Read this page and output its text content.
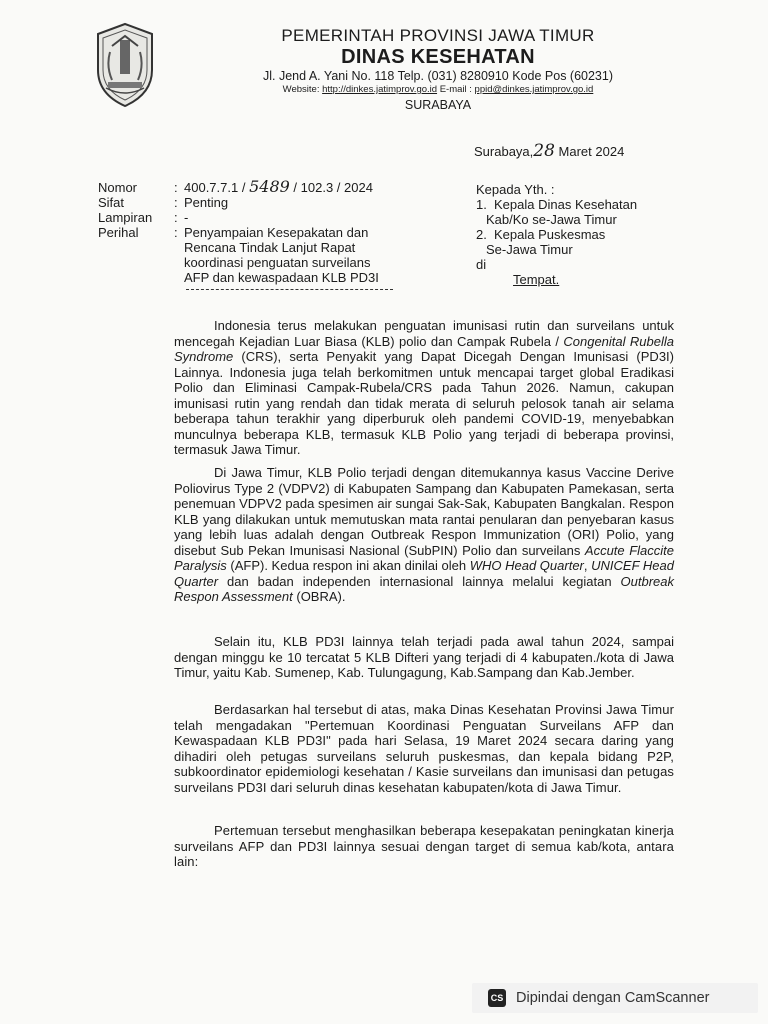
PEMERINTAH PROVINSI JAWA TIMUR
DINAS KESEHATAN
Jl. Jend A. Yani No. 118 Telp. (031) 8280910 Kode Pos (60231)
Website: http://dinkes.jatimprov.go.id E-mail : ppid@dinkes.jatimprov.go.id
SURABAYA
Surabaya,28 Maret 2024
Nomor
Sifat
Lampiran
Perihal
:
:
:
:
400.7.7.1 / 5489 / 102.3 / 2024
Penting
-
Penyampaian Kesepakatan dan
Rencana Tindak Lanjut Rapat
koordinasi penguatan surveilans
AFP dan kewaspadaan KLB PD3I
Kepada Yth. :
1. Kepala Dinas Kesehatan
Kab/Ko se-Jawa Timur
2. Kepala Puskesmas
Se-Jawa Timur
di
Tempat.

Indonesia terus melakukan penguatan imunisasi rutin dan surveilans untuk mencegah Kejadian Luar Biasa (KLB) polio dan Campak Rubela / Congenital Rubella Syndrome (CRS), serta Penyakit yang Dapat Dicegah Dengan Imunisasi (PD3I) Lainnya. Indonesia juga telah berkomitmen untuk mencapai target global Eradikasi Polio dan Eliminasi Campak-Rubela/CRS pada Tahun 2026. Namun, cakupan imunisasi rutin yang rendah dan tidak merata di seluruh pelosok tanah air selama beberapa tahun terakhir yang diperburuk oleh pandemi COVID-19, menyebabkan munculnya beberapa KLB, termasuk KLB Polio yang terjadi di beberapa provinsi, termasuk Jawa Timur.

Di Jawa Timur, KLB Polio terjadi dengan ditemukannya kasus Vaccine Derive Poliovirus Type 2 (VDPV2) di Kabupaten Sampang dan Kabupaten Pamekasan, serta penemuan VDPV2 pada spesimen air sungai Sak-Sak, Kabupaten Bangkalan. Respon KLB yang dilakukan untuk memutuskan mata rantai penularan dan penyebaran kasus yang lebih luas adalah dengan Outbreak Respon Immunization (ORI) Polio, yang disebut Sub Pekan Imunisasi Nasional (SubPIN) Polio dan surveilans Accute Flaccite Paralysis (AFP). Kedua respon ini akan dinilai oleh WHO Head Quarter, UNICEF Head Quarter dan badan independen internasional lainnya melalui kegiatan Outbreak Respon Assessment (OBRA).

Selain itu, KLB PD3I lainnya telah terjadi pada awal tahun 2024, sampai dengan minggu ke 10 tercatat 5 KLB Difteri yang terjadi di 4 kabupaten./kota di Jawa Timur, yaitu Kab. Sumenep, Kab. Tulungagung, Kab.Sampang dan Kab.Jember.

Berdasarkan hal tersebut di atas, maka Dinas Kesehatan Provinsi Jawa Timur telah mengadakan "Pertemuan Koordinasi Penguatan Surveilans AFP dan Kewaspadaan KLB PD3I" pada hari Selasa, 19 Maret 2024 secara daring yang dihadiri oleh petugas surveilans seluruh puskesmas, dan kepala bidang P2P, subkoordinator epidemiologi kesehatan / Kasie surveilans dan imunisasi dan petugas surveilans PD3I dari seluruh dinas kesehatan kabupaten/kota di Jawa Timur.

Pertemuan tersebut menghasilkan beberapa kesepakatan peningkatan kinerja surveilans AFP dan PD3I lainnya sesuai dengan target di semua kab/kota, antara lain:

CS Dipindai dengan CamScanner
